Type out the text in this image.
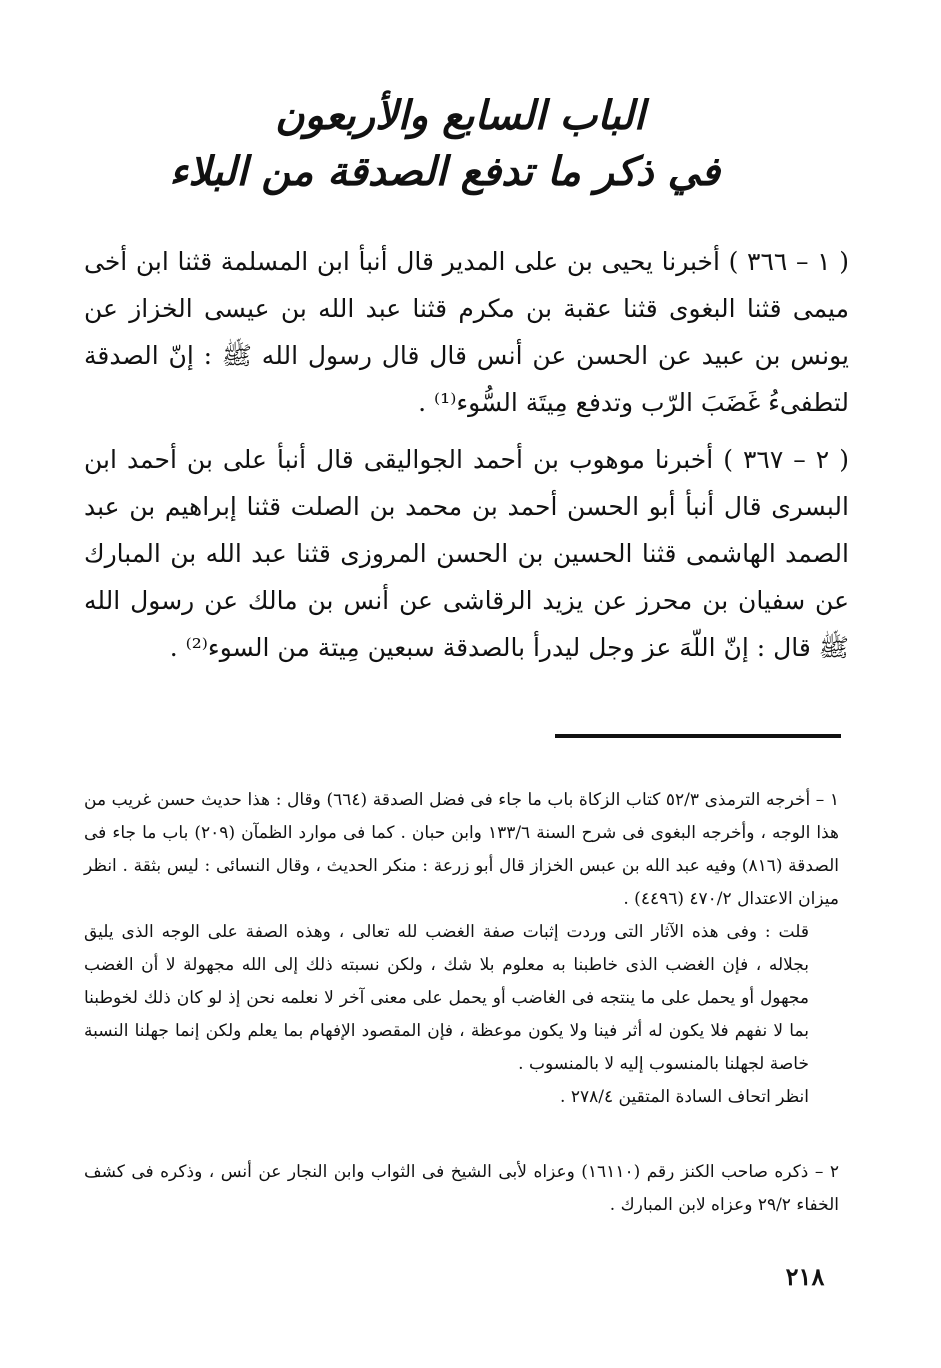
الباب السابع والأربعون
في ذكر ما تدفع الصدقة من البلاء
( ١ – ٣٦٦ ) أخبرنا يحيى بن على المدير قال أنبأ ابن المسلمة قثنا ابن أخى ميمى قثنا البغوى قثنا عقبة بن مكرم قثنا عبد الله بن عيسى الخزاز عن يونس بن عبيد عن الحسن عن أنس قال قال رسول الله ﷺ : إنّ الصدقة لتطفىءُ غَضَبَ الرّب وتدفع مِيتَة السُّوء⁽¹⁾ .
( ٢ – ٣٦٧ ) أخبرنا موهوب بن أحمد الجواليقى قال أنبأ على بن أحمد ابن البسرى قال أنبأ أبو الحسن أحمد بن محمد بن الصلت قثنا إبراهيم بن عبد الصمد الهاشمى قثنا الحسين بن الحسن المروزى قثنا عبد الله بن المبارك عن سفيان بن محرز عن يزيد الرقاشى عن أنس بن مالك عن رسول الله ﷺ قال : إنّ اللّهَ عز وجل ليدرأ بالصدقة سبعين مِيتة من السوء⁽²⁾ .
١ – أخرجه الترمذى ٥٢/٣ كتاب الزكاة باب ما جاء فى فضل الصدقة (٦٦٤) وقال : هذا حديث حسن غريب من هذا الوجه ، وأخرجه البغوى فى شرح السنة ١٣٣/٦ وابن حبان . كما فى موارد الظمآن (٢٠٩) باب ما جاء فى الصدقة (٨١٦) وفيه عبد الله بن عبس الخزاز قال أبو زرعة : منكر الحديث ، وقال النسائى : ليس بثقة . انظر ميزان الاعتدال ٤٧٠/٢ (٤٤٩٦) .
قلت : وفى هذه الآثار التى وردت إثبات صفة الغضب لله تعالى ، وهذه الصفة على الوجه الذى يليق بجلاله ، فإن الغضب الذى خاطبنا به معلوم بلا شك ، ولكن نسبته ذلك إلى الله مجهولة لا أن الغضب مجهول أو يحمل على ما ينتجه فى الغاضب أو يحمل على معنى آخر لا نعلمه نحن إذ لو كان ذلك لخوطبنا بما لا نفهم فلا يكون له أثر فينا ولا يكون موعظة ، فإن المقصود الإفهام بما يعلم ولكن إنما جهلنا النسبة خاصة لجهلنا بالمنسوب إليه لا بالمنسوب .
انظر اتحاف السادة المتقين ٢٧٨/٤ .
٢ – ذكره صاحب الكنز رقم (١٦١١٠) وعزاه لأبى الشيخ فى الثواب وابن النجار عن أنس ، وذكره فى كشف الخفاء ٢٩/٢ وعزاه لابن المبارك .
٢١٨
